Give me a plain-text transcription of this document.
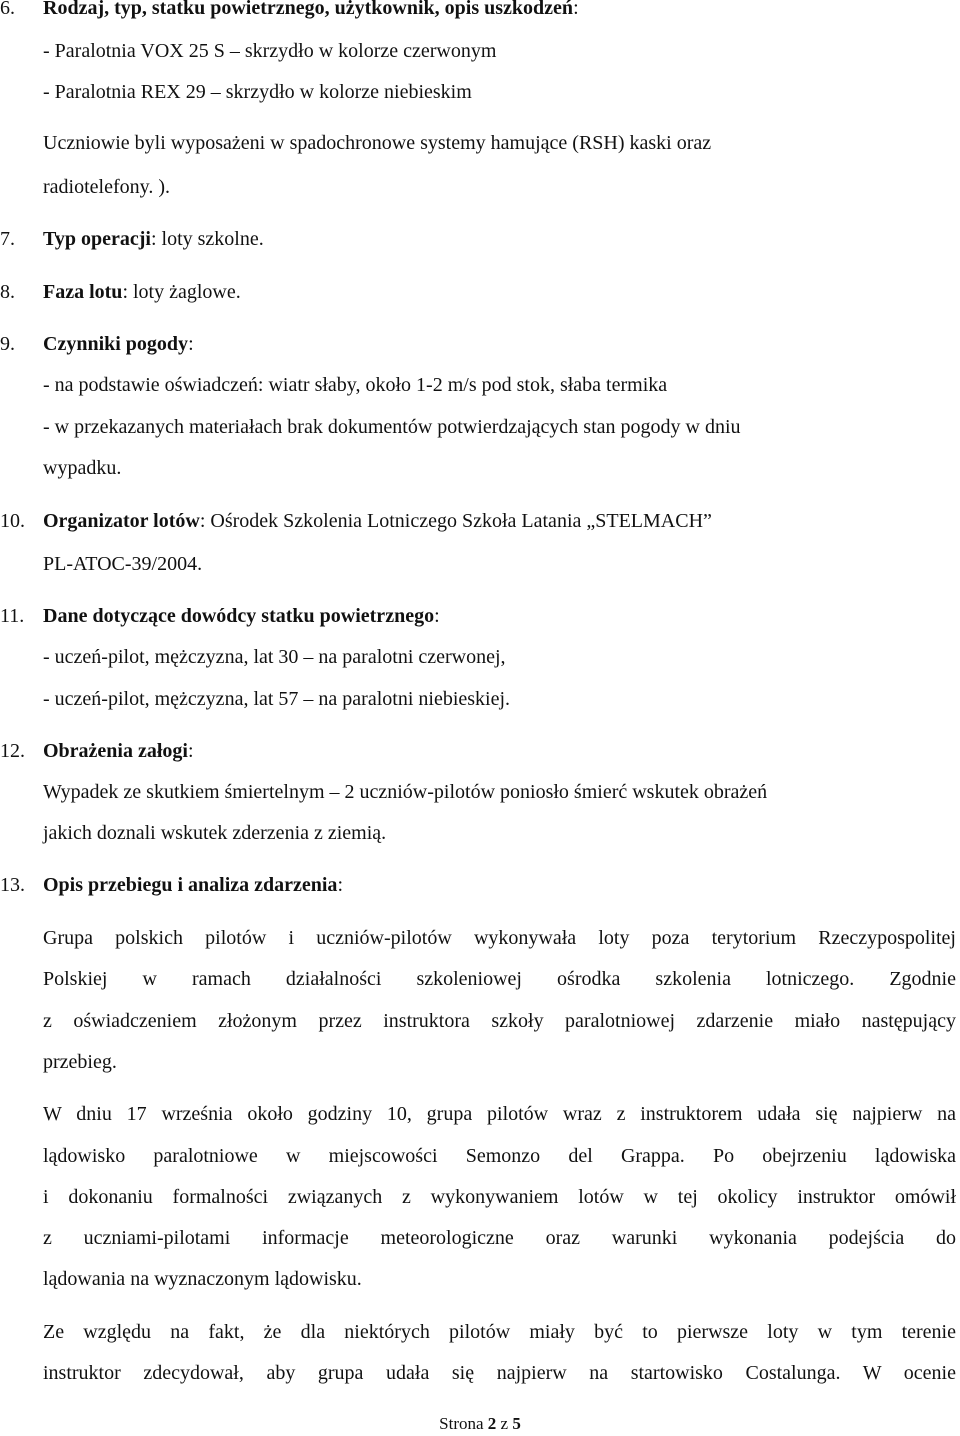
6. Rodzaj, typ, statku powietrznego, użytkownik, opis uszkodzeń:
- Paralotnia VOX 25 S – skrzydło w kolorze czerwonym
- Paralotnia REX 29 – skrzydło w kolorze niebieskim
Uczniowie byli wyposażeni w spadochronowe systemy hamujące (RSH) kaski oraz
radiotelefony. ).
7. Typ operacji: loty szkolne.
8. Faza lotu: loty żaglowe.
9. Czynniki pogody:
- na podstawie oświadczeń: wiatr słaby, około 1-2 m/s pod stok, słaba termika
- w przekazanych materiałach brak dokumentów potwierdzających stan pogody w dniu
wypadku.
10. Organizator lotów: Ośrodek Szkolenia Lotniczego Szkoła Latania „STELMACH”
PL-ATOC-39/2004.
11. Dane dotyczące dowódcy statku powietrznego:
- uczeń-pilot, mężczyzna, lat 30 – na paralotni czerwonej,
- uczeń-pilot, mężczyzna, lat 57 – na paralotni niebieskiej.
12. Obrażenia załogi:
Wypadek ze skutkiem śmiertelnym – 2 uczniów-pilotów poniosło śmierć wskutek obrażeń
jakich doznali wskutek zderzenia z ziemią.
13. Opis przebiegu i analiza zdarzenia:
Grupa polskich pilotów i uczniów-pilotów wykonywała loty poza terytorium Rzeczypospolitej
Polskiej w ramach działalności szkoleniowej ośrodka szkolenia lotniczego. Zgodnie
z oświadczeniem złożonym przez instruktora szkoły paralotniowej zdarzenie miało następujący
przebieg.
W dniu 17 września około godziny 10, grupa pilotów wraz z instruktorem udała się najpierw na
lądowisko paralotniowe w miejscowości Semonzo del Grappa. Po obejrzeniu lądowiska
i dokonaniu formalności związanych z wykonywaniem lotów w tej okolicy instruktor omówił
z uczniami-pilotami informacje meteorologiczne oraz warunki wykonania podejścia do
lądowania na wyznaczonym lądowisku.
Ze względu na fakt, że dla niektórych pilotów miały być to pierwsze loty w tym terenie
instruktor zdecydował, aby grupa udała się najpierw na startowisko Costalunga. W ocenie
Strona 2 z 5
